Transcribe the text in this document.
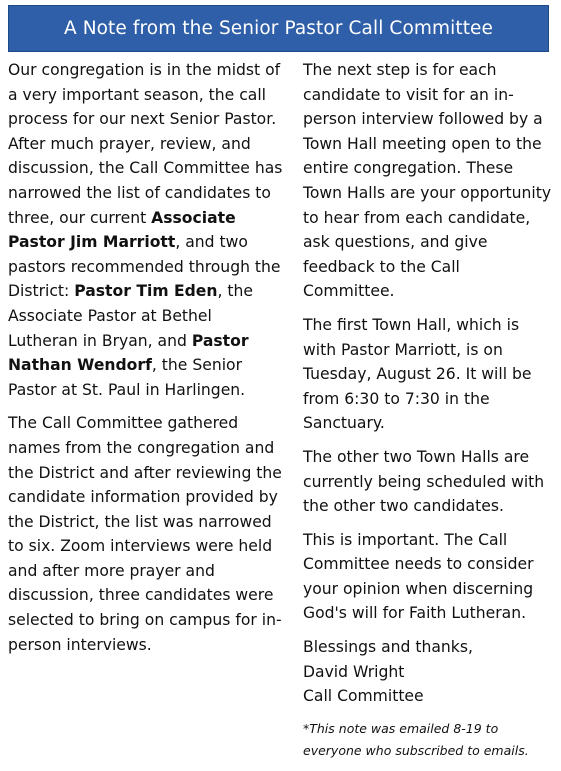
A Note from the Senior Pastor Call Committee

Our congregation is in the midst of a very important season, the call process for our next Senior Pastor. After much prayer, review, and discussion, the Call Committee has narrowed the list of candidates to three, our current Associate Pastor Jim Marriott, and two pastors recommended through the District: Pastor Tim Eden, the Associate Pastor at Bethel Lutheran in Bryan, and Pastor Nathan Wendorf, the Senior Pastor at St. Paul in Harlingen.

The Call Committee gathered names from the congregation and the District and after reviewing the candidate information provided by the District, the list was narrowed to six. Zoom interviews were held and after more prayer and discussion, three candidates were selected to bring on campus for in-person interviews.

The next step is for each candidate to visit for an in-person interview followed by a Town Hall meeting open to the entire congregation. These Town Halls are your opportunity to hear from each candidate, ask questions, and give feedback to the Call Committee.

The first Town Hall, which is with Pastor Marriott, is on Tuesday, August 26. It will be from 6:30 to 7:30 in the Sanctuary.

The other two Town Halls are currently being scheduled with the other two candidates.

This is important. The Call Committee needs to consider your opinion when discerning God's will for Faith Lutheran.

Blessings and thanks,
David Wright
Call Committee

*This note was emailed 8-19 to everyone who subscribed to emails.
